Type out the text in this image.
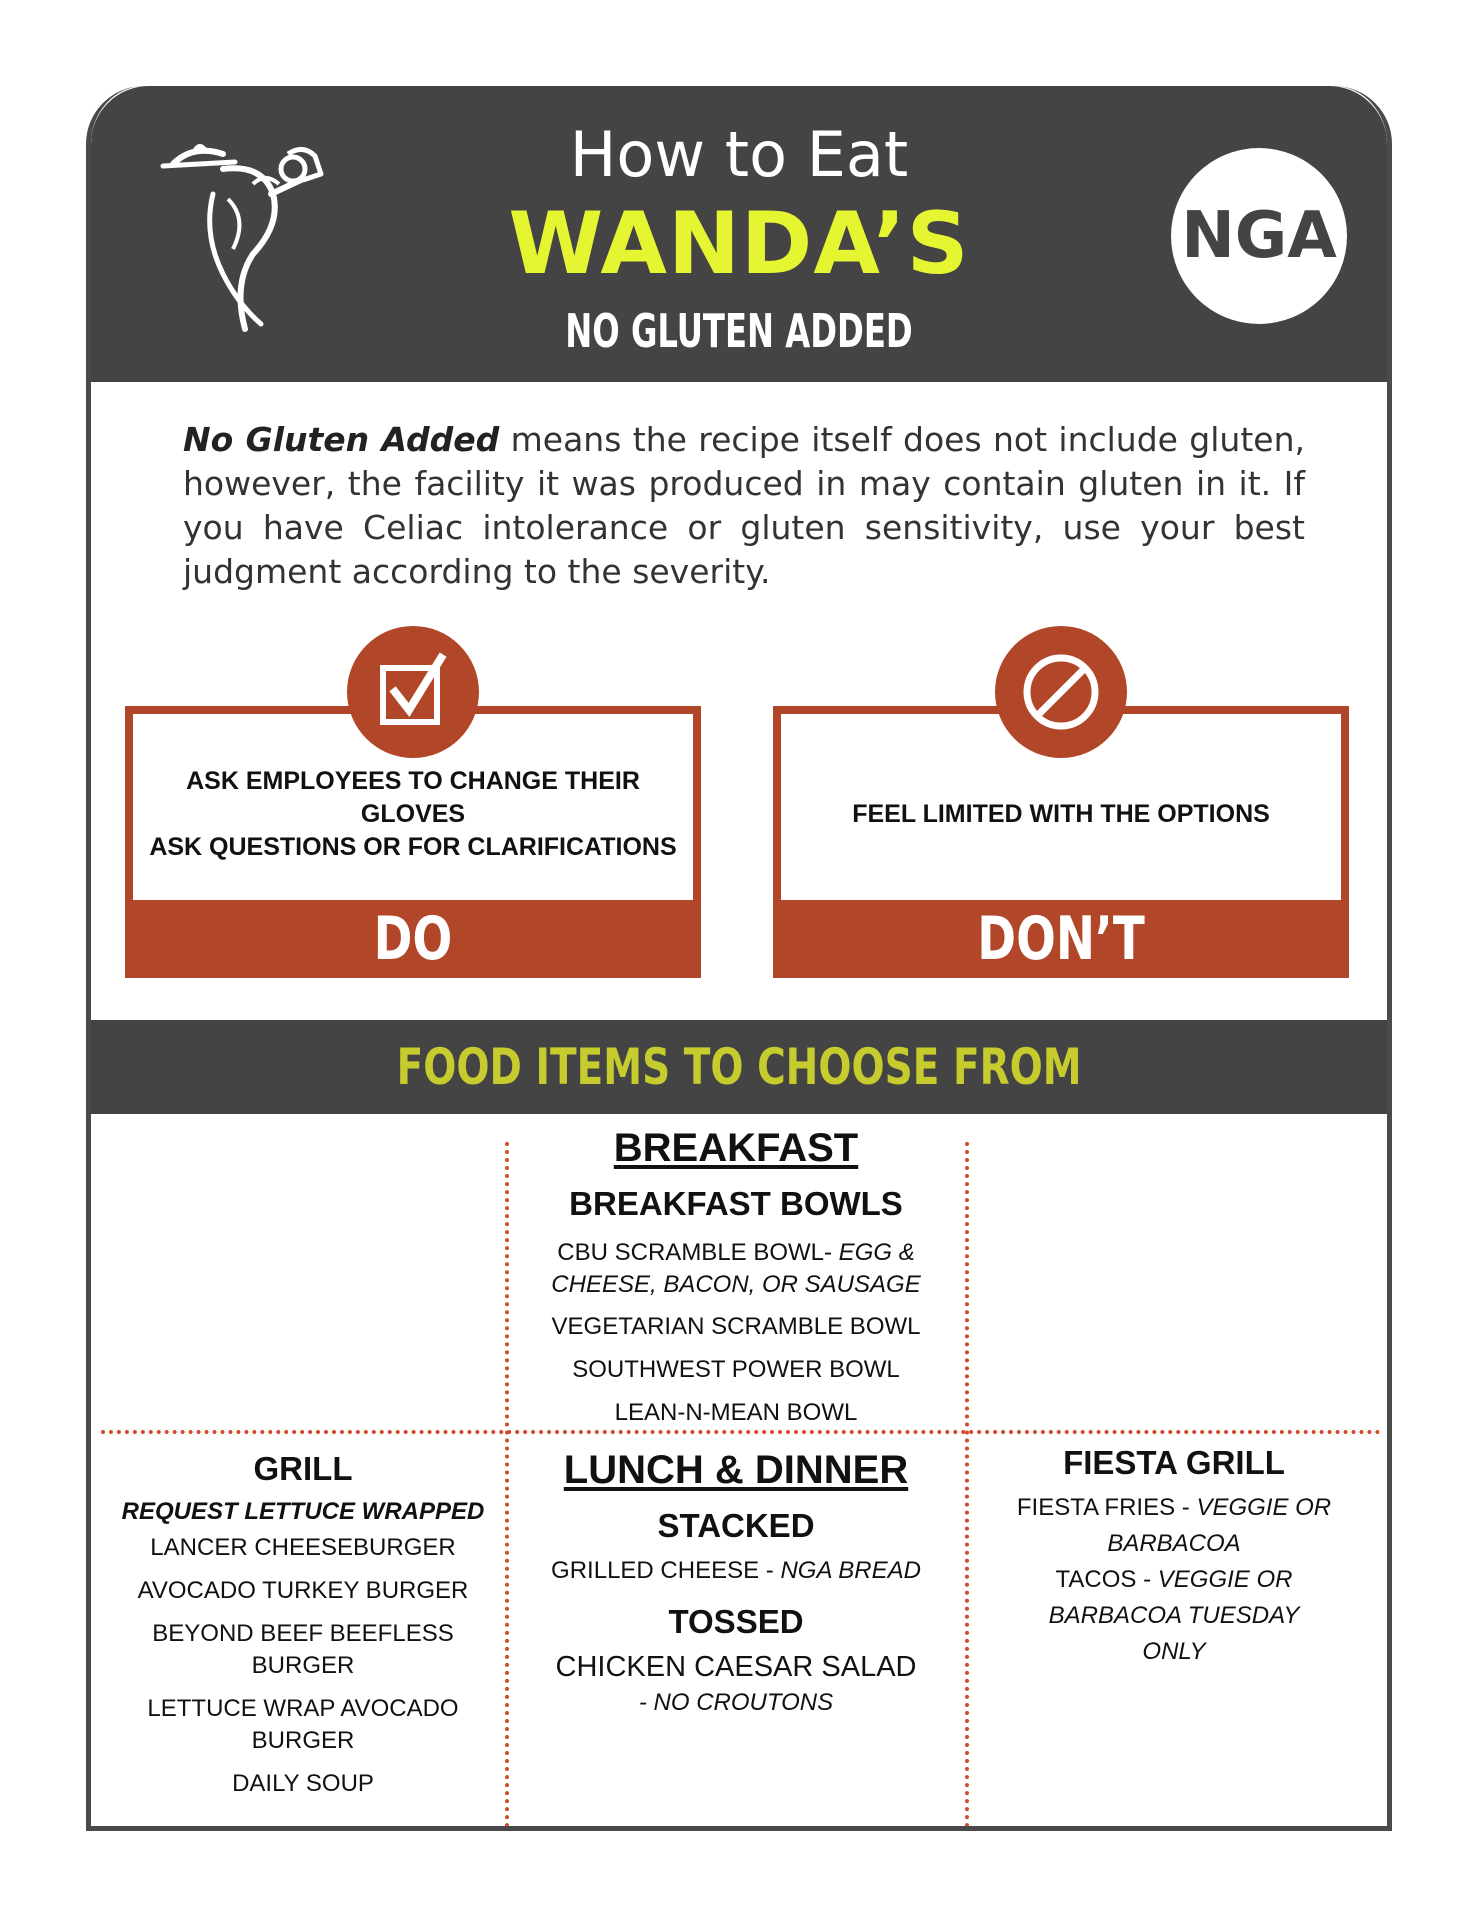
How to Eat
WANDA’S
NO GLUTEN ADDED
NGA
No Gluten Added means the recipe itself does not include gluten, however, the facility it was produced in may contain gluten in it. If you have Celiac intolerance or gluten sensitivity, use your best judgment according to the severity.
ASK EMPLOYEES TO CHANGE THEIR GLOVES
ASK QUESTIONS OR FOR CLARIFICATIONS
DO
FEEL LIMITED WITH THE OPTIONS
DON’T
FOOD ITEMS TO CHOOSE FROM
BREAKFAST
BREAKFAST BOWLS
CBU SCRAMBLE BOWL- EGG & CHEESE, BACON, OR SAUSAGE
VEGETARIAN SCRAMBLE BOWL
SOUTHWEST POWER BOWL
LEAN-N-MEAN BOWL
GRILL
REQUEST LETTUCE WRAPPED
LANCER CHEESEBURGER
AVOCADO TURKEY BURGER
BEYOND BEEF BEEFLESS BURGER
LETTUCE WRAP AVOCADO BURGER
DAILY SOUP
LUNCH & DINNER
STACKED
GRILLED CHEESE - NGA BREAD
TOSSED
CHICKEN CAESAR SALAD
- NO CROUTONS
FIESTA GRILL
FIESTA FRIES - VEGGIE OR BARBACOA
TACOS - VEGGIE OR BARBACOA TUESDAY ONLY
